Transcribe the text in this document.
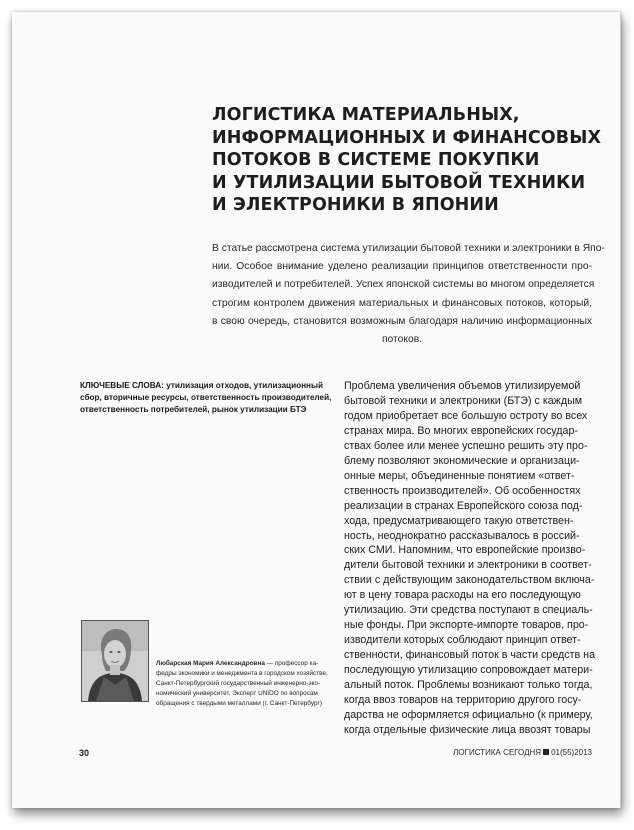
ЛОГИСТИКА МАТЕРИАЛЬНЫХ,
ИНФОРМАЦИОННЫХ И ФИНАНСОВЫХ
ПОТОКОВ В СИСТЕМЕ ПОКУПКИ
И УТИЛИЗАЦИИ БЫТОВОЙ ТЕХНИКИ
И ЭЛЕКТРОНИКИ В ЯПОНИИ
В статье рассмотрена система утилизации бытовой техники и электроники в Япо-
нии. Особое внимание уделено реализации принципов ответственности про-
изводителей и потребителей. Успех японской системы во многом определяется
строгим контролем движения материальных и финансовых потоков, который,
в свою очередь, становится возможным благодаря наличию информационных
потоков.
КЛЮЧЕВЫЕ СЛОВА: утилизация отходов, утилизационный
сбор, вторичные ресурсы, ответственность производителей,
ответственность потребителей, рынок утилизации БТЭ
Проблема увеличения объемов утилизируемой
бытовой техники и электроники (БТЭ) с каждым
годом приобретает все большую остроту во всех
странах мира. Во многих европейских государ-
ствах более или менее успешно решить эту про-
блему позволяют экономические и организаци-
онные меры, объединенные понятием «ответ-
ственность производителей». Об особенностях
реализации в странах Европейского союза под-
хода, предусматривающего такую ответствен-
ность, неоднократно рассказывалось в россий-
ских СМИ. Напомним, что европейские произво-
дители бытовой техники и электроники в соответ-
ствии с действующим законодательством включа-
ют в цену товара расходы на его последующую
утилизацию. Эти средства поступают в специаль-
ные фонды. При экспорте-импорте товаров, про-
изводители которых соблюдают принцип ответ-
ственности, финансовый поток в части средств на
последующую утилизацию сопровождает матери-
альный поток. Проблемы возникают только тогда,
когда ввоз товаров на территорию другого госу-
дарства не оформляется официально (к примеру,
когда отдельные физические лица ввозят товары
Любарская Мария Александровна — профессор ка-
федры экономики и менеджмента в городском хозяйстве,
Санкт-Петербургский государственный инженерно-эко-
номический университет. Эксперт UNIDO по вопросам
обращения с твердыми металлами (г. Санкт-Петербург)
30	ЛОГИСТИКА СЕГОДНЯ 01(55)2013
